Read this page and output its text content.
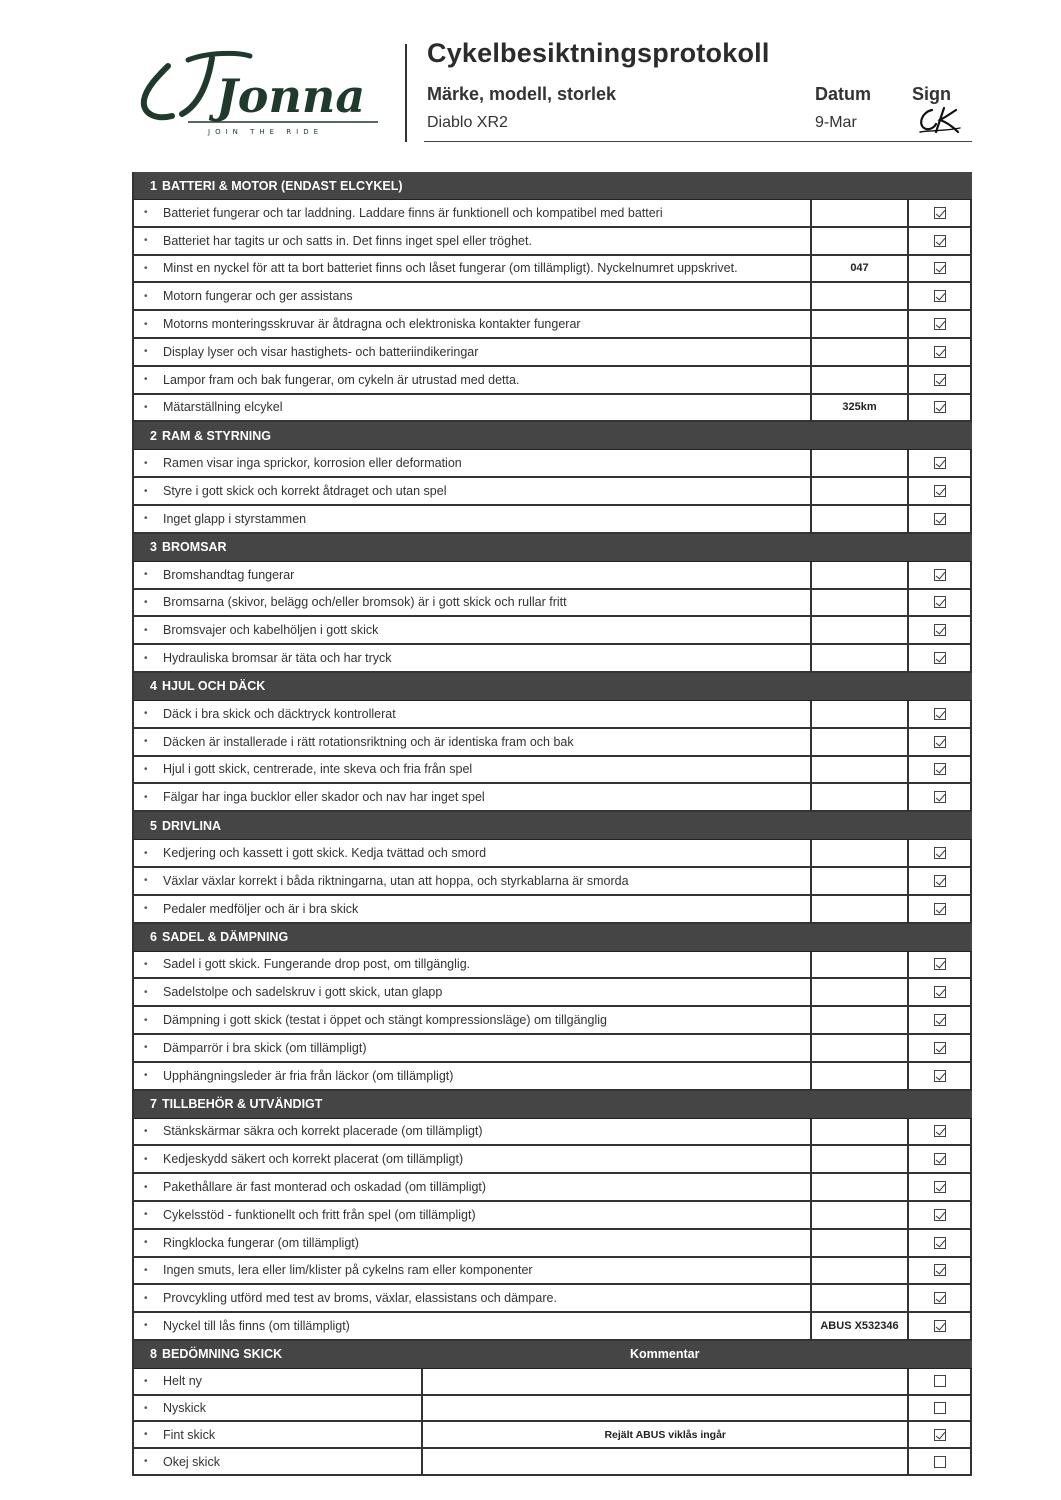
Jonna
JOIN THE RIDE
Cykelbesiktningsprotokoll
Märke, modell, storlek	Datum Sign
Diablo XR2	9-Mar
1 BATTERI & MOTOR (ENDAST ELCYKEL)
•	Batteriet fungerar och tar laddning. Laddare finns är funktionell och kompatibel med batteri
•	Batteriet har tagits ur och satts in. Det finns inget spel eller tröghet.
•	Minst en nyckel för att ta bort batteriet finns och låset fungerar (om tillämpligt). Nyckelnumret uppskrivet.	047
•	Motorn fungerar och ger assistans
•	Motorns monteringsskruvar är åtdragna och elektroniska kontakter fungerar
•	Display lyser och visar hastighets- och batteriindikeringar
•	Lampor fram och bak fungerar, om cykeln är utrustad med detta.
•	Mätarställning elcykel	325km
2 RAM & STYRNING
•	Ramen visar inga sprickor, korrosion eller deformation
•	Styre i gott skick och korrekt åtdraget och utan spel
•	Inget glapp i styrstammen
3 BROMSAR
•	Bromshandtag fungerar
•	Bromsarna (skivor, belägg och/eller bromsok) är i gott skick och rullar fritt
•	Bromsvajer och kabelhöljen i gott skick
•	Hydrauliska bromsar är täta och har tryck
4 HJUL OCH DÄCK
•	Däck i bra skick och däcktryck kontrollerat
•	Däcken är installerade i rätt rotationsriktning och är identiska fram och bak
•	Hjul i gott skick, centrerade, inte skeva och fria från spel
•	Fälgar har inga bucklor eller skador och nav har inget spel
5 DRIVLINA
•	Kedjering och kassett i gott skick. Kedja tvättad och smord
•	Växlar växlar korrekt i båda riktningarna, utan att hoppa, och styrkablarna är smorda
•	Pedaler medföljer och är i bra skick
6 SADEL & DÄMPNING
•	Sadel i gott skick. Fungerande drop post, om tillgänglig.
•	Sadelstolpe och sadelskruv i gott skick, utan glapp
•	Dämpning i gott skick (testat i öppet och stängt kompressionsläge) om tillgänglig
•	Dämparrör i bra skick (om tillämpligt)
•	Upphängningsleder är fria från läckor (om tillämpligt)
7 TILLBEHÖR & UTVÄNDIGT
•	Stänkskärmar säkra och korrekt placerade (om tillämpligt)
•	Kedjeskydd säkert och korrekt placerat (om tillämpligt)
•	Pakethållare är fast monterad och oskadad (om tillämpligt)
•	Cykelsstöd - funktionellt och fritt från spel (om tillämpligt)
•	Ringklocka fungerar (om tillämpligt)
•	Ingen smuts, lera eller lim/klister på cykelns ram eller komponenter
•	Provcykling utförd med test av broms, växlar, elassistans och dämpare.
•	Nyckel till lås finns (om tillämpligt)	ABUS X532346
8 BEDÖMNING SKICK	Kommentar
•	Helt ny
•	Nyskick
•	Fint skick	Rejält ABUS viklås ingår
•	Okej skick
